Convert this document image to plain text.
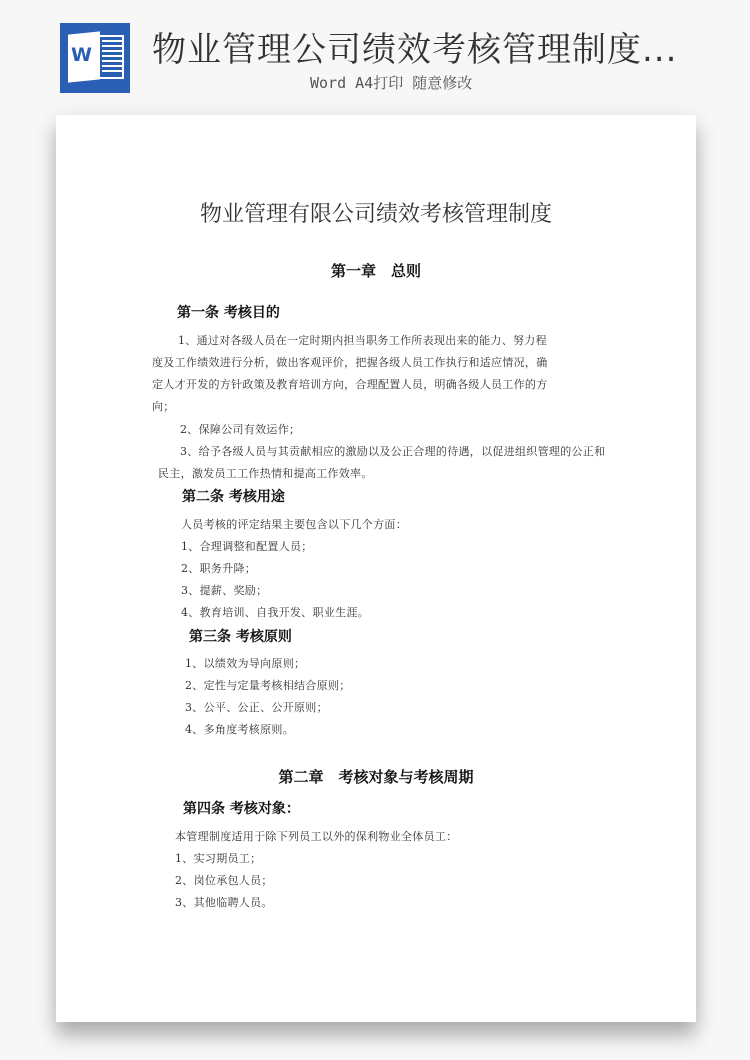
W 物业管理公司绩效考核管理制度...
Word A4打印 随意修改
物业管理有限公司绩效考核管理制度
第一章　总则
第一条 考核目的
1、通过对各级人员在一定时期内担当职务工作所表现出来的能力、努力程
度及工作绩效进行分析，做出客观评价，把握各级人员工作执行和适应情况，确
定人才开发的方针政策及教育培训方向，合理配置人员，明确各级人员工作的方
向；
2、保障公司有效运作；
3、给予各级人员与其贡献相应的激励以及公正合理的待遇，以促进组织管理的公正和
民主，激发员工工作热情和提高工作效率。
第二条 考核用途
人员考核的评定结果主要包含以下几个方面：
1、合理调整和配置人员；
2、职务升降；
3、提薪、奖励；
4、教育培训、自我开发、职业生涯。
第三条 考核原则
1、以绩效为导向原则；
2、定性与定量考核相结合原则；
3、公平、公正、公开原则；
4、多角度考核原则。
第二章　考核对象与考核周期
第四条 考核对象：
本管理制度适用于除下列员工以外的保利物业全体员工：
1、实习期员工；
2、岗位承包人员；
3、其他临聘人员。
